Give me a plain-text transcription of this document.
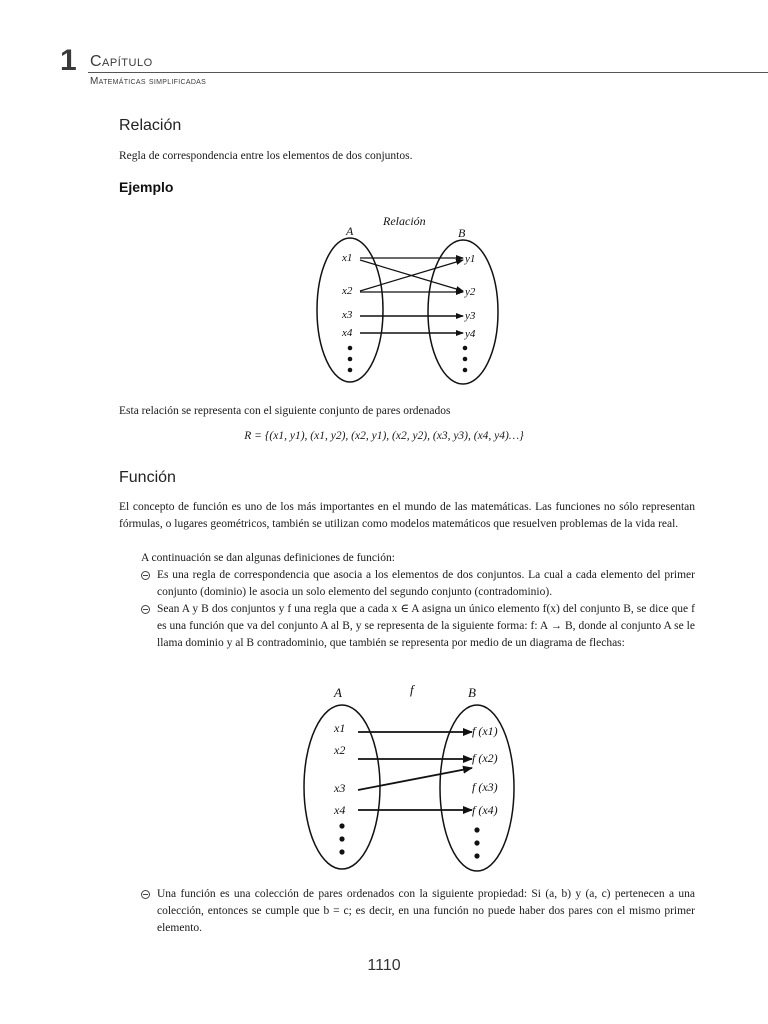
1 Capítulo
Matemáticas simplificadas
Relación
Regla de correspondencia entre los elementos de dos conjuntos.
Ejemplo
Relación
A	B
x1
x2
x3
x4
y1
y2
y3
y4
Esta relación se representa con el siguiente conjunto de pares ordenados
R = {(x1, y1), (x1, y2), (x2, y1), (x2, y2), (x3, y3), (x4, y4)…}
Función
El concepto de función es uno de los más importantes en el mundo de las matemáticas. Las funciones no sólo representan fórmulas, o lugares geométricos, también se utilizan como modelos matemáticos que resuelven problemas de la vida real.
A continuación se dan algunas definiciones de función:
Es una regla de correspondencia que asocia a los elementos de dos conjuntos. La cual a cada elemento del primer conjunto (dominio) le asocia un solo elemento del segundo conjunto (contradominio).
Sean A y B dos conjuntos y f una regla que a cada x ∈ A asigna un único elemento f(x) del conjunto B, se dice que f es una función que va del conjunto A al B, y se representa de la siguiente forma: f: A → B, donde al conjunto A se le llama dominio y al B contradominio, que también se representa por medio de un diagrama de flechas:
f
A	B
x1
x2
x3
x4
f (x1)
f (x2)
f (x3)
f (x4)
Una función es una colección de pares ordenados con la siguiente propiedad: Si (a, b) y (a, c) pertenecen a una colección, entonces se cumple que b = c; es decir, en una función no puede haber dos pares con el mismo primer elemento.
1110
